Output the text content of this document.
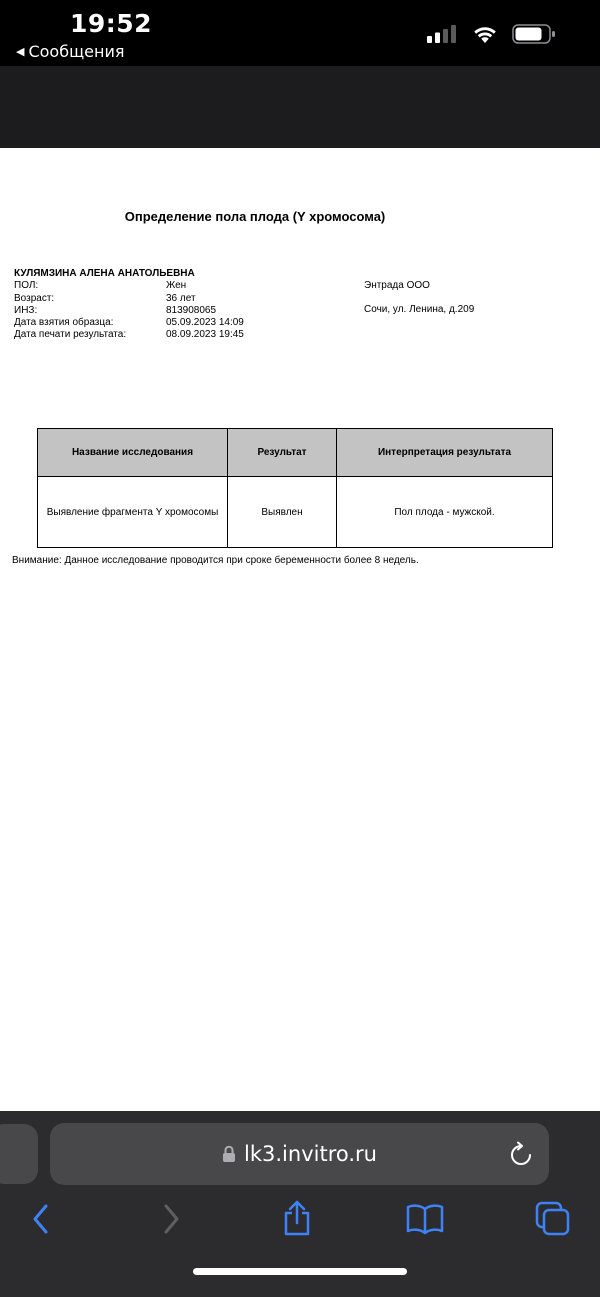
19:52
◀ Сообщения
Определение пола плода (Y хромосома)
КУЛЯМЗИНА АЛЕНА АНАТОЛЬЕВНА
ПОЛ:	Жен
Возраст:	36 лет
ИНЗ:	813908065
Дата взятия образца:	05.09.2023 14:09
Дата печати результата:	08.09.2023 19:45
Энтрада ООО
Сочи, ул. Ленина, д.209
Название исследования	Результат	Интерпретация результата
Выявление фрагмента Y хромосомы	Выявлен	Пол плода - мужской.
Внимание: Данное исследование проводится при сроке беременности более 8 недель.
lk3.invitro.ru
